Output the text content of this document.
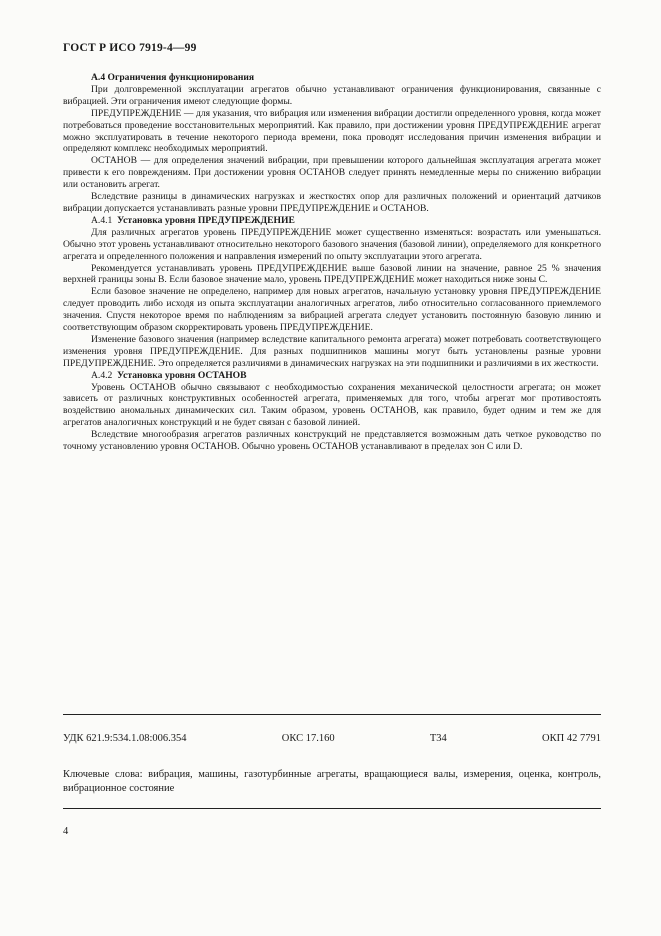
ГОСТ Р ИСО 7919-4—99

А.4 Ограничения функционирования

При долговременной эксплуатации агрегатов обычно устанавливают ограничения функционирования, связанные с вибрацией. Эти ограничения имеют следующие формы.

ПРЕДУПРЕЖДЕНИЕ — для указания, что вибрация или изменения вибрации достигли определенного уровня, когда может потребоваться проведение восстановительных мероприятий. Как правило, при достижении уровня ПРЕДУПРЕЖДЕНИЕ агрегат можно эксплуатировать в течение некоторого периода времени, пока проводят исследования причин изменения вибрации и определяют комплекс необходимых мероприятий.

ОСТАНОВ — для определения значений вибрации, при превышении которого дальнейшая эксплуатация агрегата может привести к его повреждениям. При достижении уровня ОСТАНОВ следует принять немедленные меры по снижению вибрации или остановить агрегат.

Вследствие разницы в динамических нагрузках и жесткостях опор для различных положений и ориентаций датчиков вибрации допускается устанавливать разные уровни ПРЕДУПРЕЖДЕНИЕ и ОСТАНОВ.

А.4.1 Установка уровня ПРЕДУПРЕЖДЕНИЕ

Для различных агрегатов уровень ПРЕДУПРЕЖДЕНИЕ может существенно изменяться: возрастать или уменьшаться. Обычно этот уровень устанавливают относительно некоторого базового значения (базовой линии), определяемого для конкретного агрегата и определенного положения и направления измерений по опыту эксплуатации этого агрегата.

Рекомендуется устанавливать уровень ПРЕДУПРЕЖДЕНИЕ выше базовой линии на значение, равное 25 % значения верхней границы зоны В. Если базовое значение мало, уровень ПРЕДУПРЕЖДЕНИЕ может находиться ниже зоны С.

Если базовое значение не определено, например для новых агрегатов, начальную установку уровня ПРЕДУПРЕЖДЕНИЕ следует проводить либо исходя из опыта эксплуатации аналогичных агрегатов, либо относительно согласованного приемлемого значения. Спустя некоторое время по наблюдениям за вибрацией агрегата следует установить постоянную базовую линию и соответствующим образом скорректировать уровень ПРЕДУПРЕЖДЕНИЕ.

Изменение базового значения (например вследствие капитального ремонта агрегата) может потребовать соответствующего изменения уровня ПРЕДУПРЕЖДЕНИЕ. Для разных подшипников машины могут быть установлены разные уровни ПРЕДУПРЕЖДЕНИЕ. Это определяется различиями в динамических нагрузках на эти подшипники и различиями в их жесткости.

А.4.2 Установка уровня ОСТАНОВ

Уровень ОСТАНОВ обычно связывают с необходимостью сохранения механической целостности агрегата; он может зависеть от различных конструктивных особенностей агрегата, применяемых для того, чтобы агрегат мог противостоять воздействию аномальных динамических сил. Таким образом, уровень ОСТАНОВ, как правило, будет одним и тем же для агрегатов аналогичных конструкций и не будет связан с базовой линией.

Вследствие многообразия агрегатов различных конструкций не представляется возможным дать четкое руководство по точному установлению уровня ОСТАНОВ. Обычно уровень ОСТАНОВ устанавливают в пределах зон С или D.

УДК 621.9:534.1.08:006.354	ОКС 17.160	Т34	ОКП 42 7791
Ключевые слова: вибрация, машины, газотурбинные агрегаты, вращающиеся валы, измерения, оценка, контроль, вибрационное состояние
4
